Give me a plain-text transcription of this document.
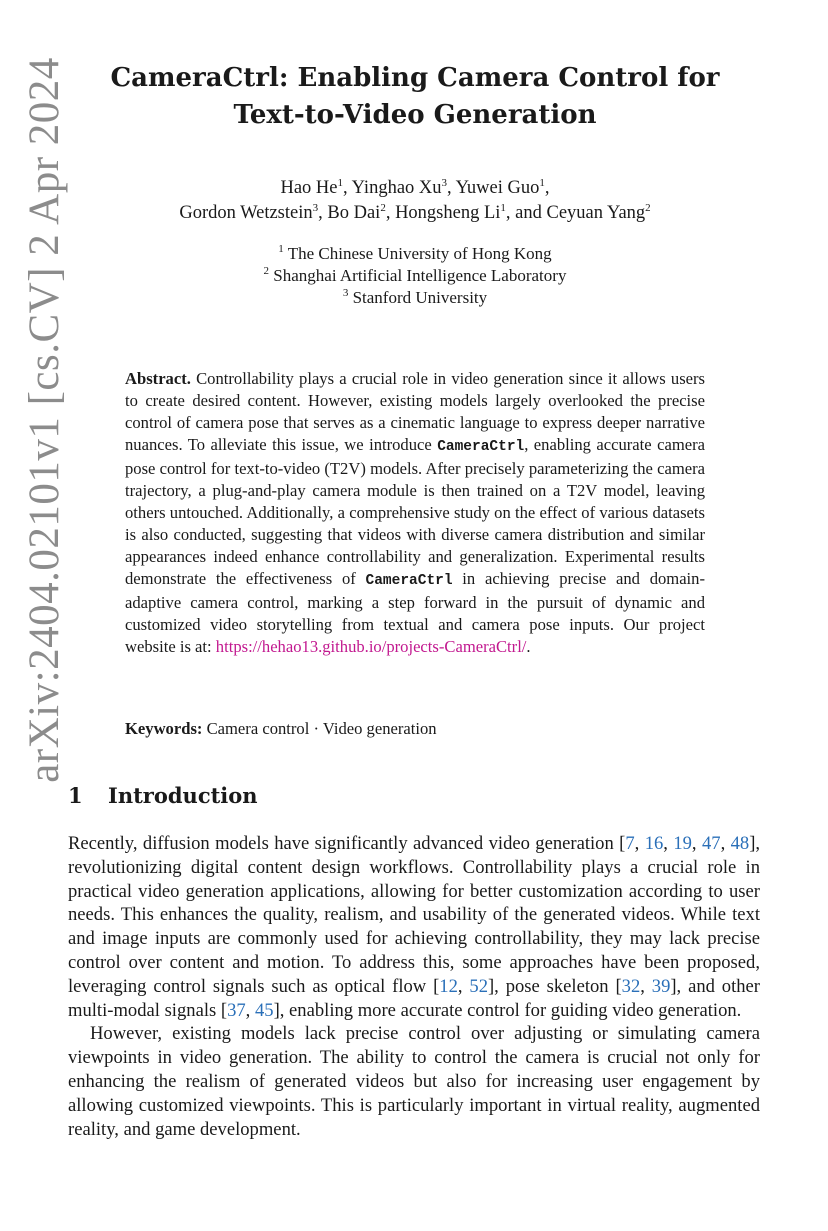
arXiv:2404.02101v1 [cs.CV] 2 Apr 2024	CameraCtrl: Enabling Camera Control for
Text-to-Video Generation
Hao He$^1$, Yinghao Xu$^3$, Yuwei Guo$^1$,
Gordon Wetzstein$^3$, Bo Dai$^2$, Hongsheng Li$^1$, and Ceyuan Yang$^2$
$^1$ The Chinese University of Hong Kong
$^2$ Shanghai Artificial Intelligence Laboratory
$^3$ Stanford University
Abstract. Controllability plays a crucial role in video generation since it allows users to create desired content. However, existing models largely overlooked the precise control of camera pose that serves as a cinematic language to express deeper narrative nuances. To alleviate this issue, we introduce CameraCtrl, enabling accurate camera pose control for text-to-video (T2V) models. After precisely parameterizing the camera trajectory, a plug-and-play camera module is then trained on a T2V model, leaving others untouched. Additionally, a comprehensive study on the effect of various datasets is also conducted, suggesting that videos with diverse camera distribution and similar appearances indeed enhance controllability and generalization. Experimental results demonstrate the effectiveness of CameraCtrl in achieving precise and domain-adaptive camera control, marking a step forward in the pursuit of dynamic and customized video storytelling from textual and camera pose inputs. Our project website is at: https://hehao13.github.io/projects-CameraCtrl/.
Keywords: Camera control · Video generation
1 Introduction

Recently, diffusion models have significantly advanced video generation [7, 16, 19, 47, 48], revolutionizing digital content design workflows. Controllability plays a crucial role in practical video generation applications, allowing for better customization according to user needs. This enhances the quality, realism, and usability of the generated videos. While text and image inputs are commonly used for achieving controllability, they may lack precise control over content and motion. To address this, some approaches have been proposed, leveraging control signals such as optical flow [12, 52], pose skeleton [32, 39], and other multi-modal signals [37, 45], enabling more accurate control for guiding video generation.

However, existing models lack precise control over adjusting or simulating camera viewpoints in video generation. The ability to control the camera is crucial not only for enhancing the realism of generated videos but also for increasing user engagement by allowing customized viewpoints. This is particularly important in virtual reality, augmented reality, and game development.
